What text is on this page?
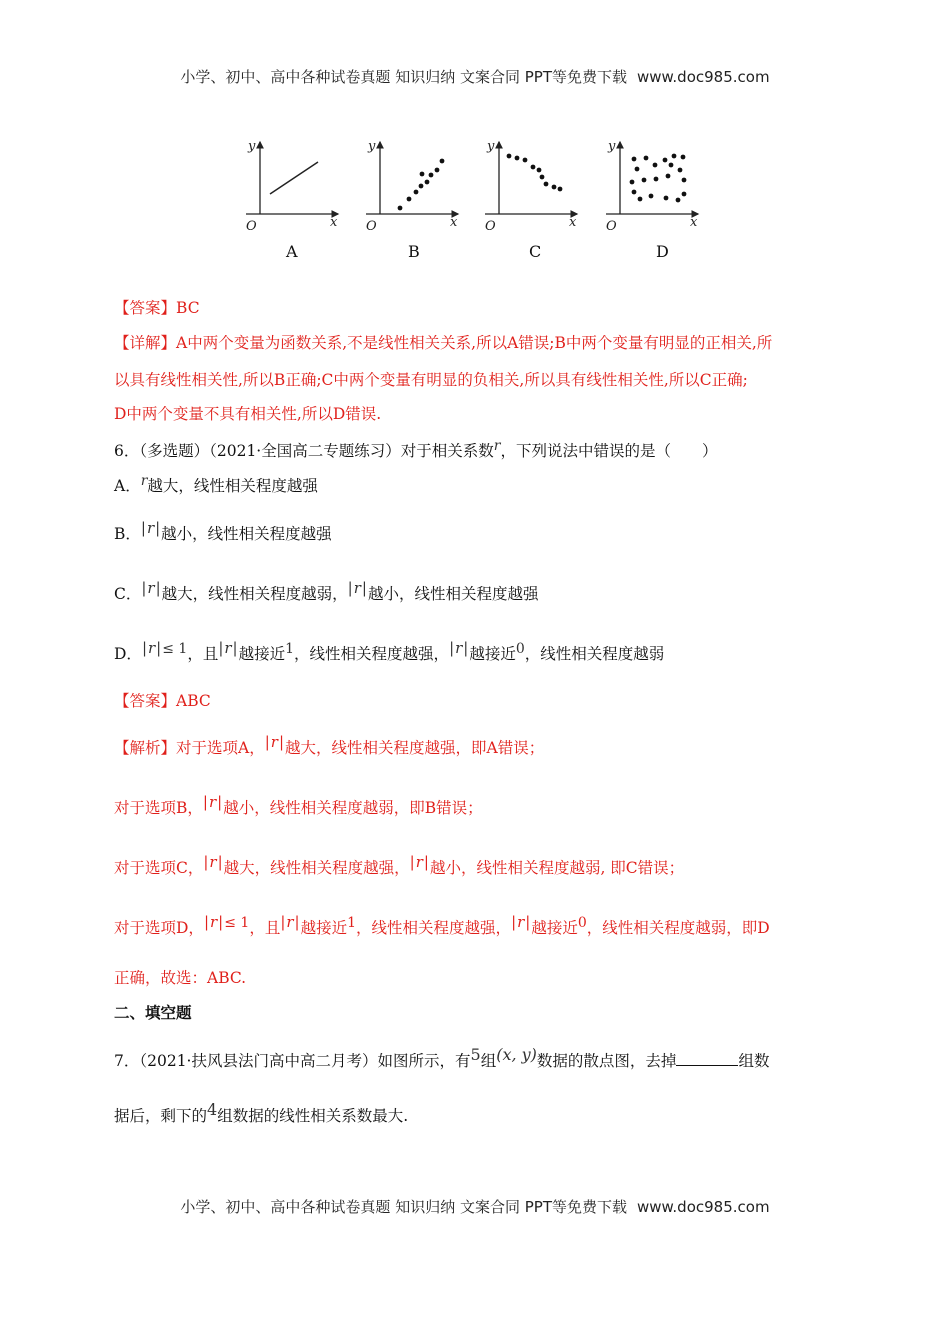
小学、初中、高中各种试卷真题 知识归纳 文案合同 PPT等免费下载 www.doc985.com
y
x
O
y
x
O
y
x
O
y
x
O
A	B	C	D
【答案】BC
【详解】A中两个变量为函数关系,不是线性相关关系,所以A错误;B中两个变量有明显的正相关,所
以具有线性相关性,所以B正确;C中两个变量有明显的负相关,所以具有线性相关性,所以C正确;
D中两个变量不具有相关性,所以D错误.
6．（多选题）（2021·全国高二专题练习）对于相关系数r，下列说法中错误的是（　　）
A．r越大，线性相关程度越强
B．|r|越小，线性相关程度越强
C．|r|越大，线性相关程度越弱，|r|越小，线性相关程度越强
D．|r|≤ 1，且|r|越接近1，线性相关程度越强，|r|越接近0，线性相关程度越弱
【答案】ABC
【解析】对于选项A，|r|越大，线性相关程度越强，即A错误；
对于选项B，|r|越小，线性相关程度越弱，即B错误；
对于选项C，|r|越大，线性相关程度越强，|r|越小，线性相关程度越弱, 即C错误；
对于选项D，|r|≤ 1，且|r|越接近1，线性相关程度越强，|r|越接近0，线性相关程度越弱，即D
正确，故选：ABC.
二、填空题
7．（2021·扶风县法门高中高二月考）如图所示，有5组(x, y)数据的散点图，去掉	组数
据后，剩下的4组数据的线性相关系数最大.
小学、初中、高中各种试卷真题 知识归纳 文案合同 PPT等免费下载 www.doc985.com
